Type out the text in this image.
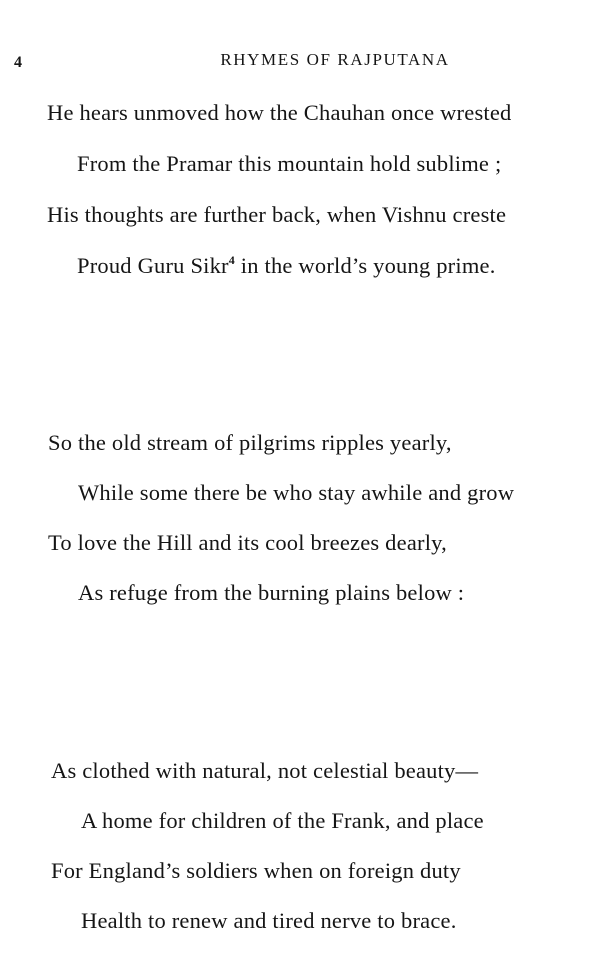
4	RHYMES OF RAJPUTANA
He hears unmoved how the Chauhan once wrested
From the Pramar this mountain hold sublime ;
His thoughts are further back, when Vishnu creste
Proud Guru Sikr$^4$ in the world’s young prime.
So the old stream of pilgrims ripples yearly,
While some there be who stay awhile and grow
To love the Hill and its cool breezes dearly,
As refuge from the burning plains below :
As clothed with natural, not celestial beauty—
A home for children of the Frank, and place
For England’s soldiers when on foreign duty
Health to renew and tired nerve to brace.
